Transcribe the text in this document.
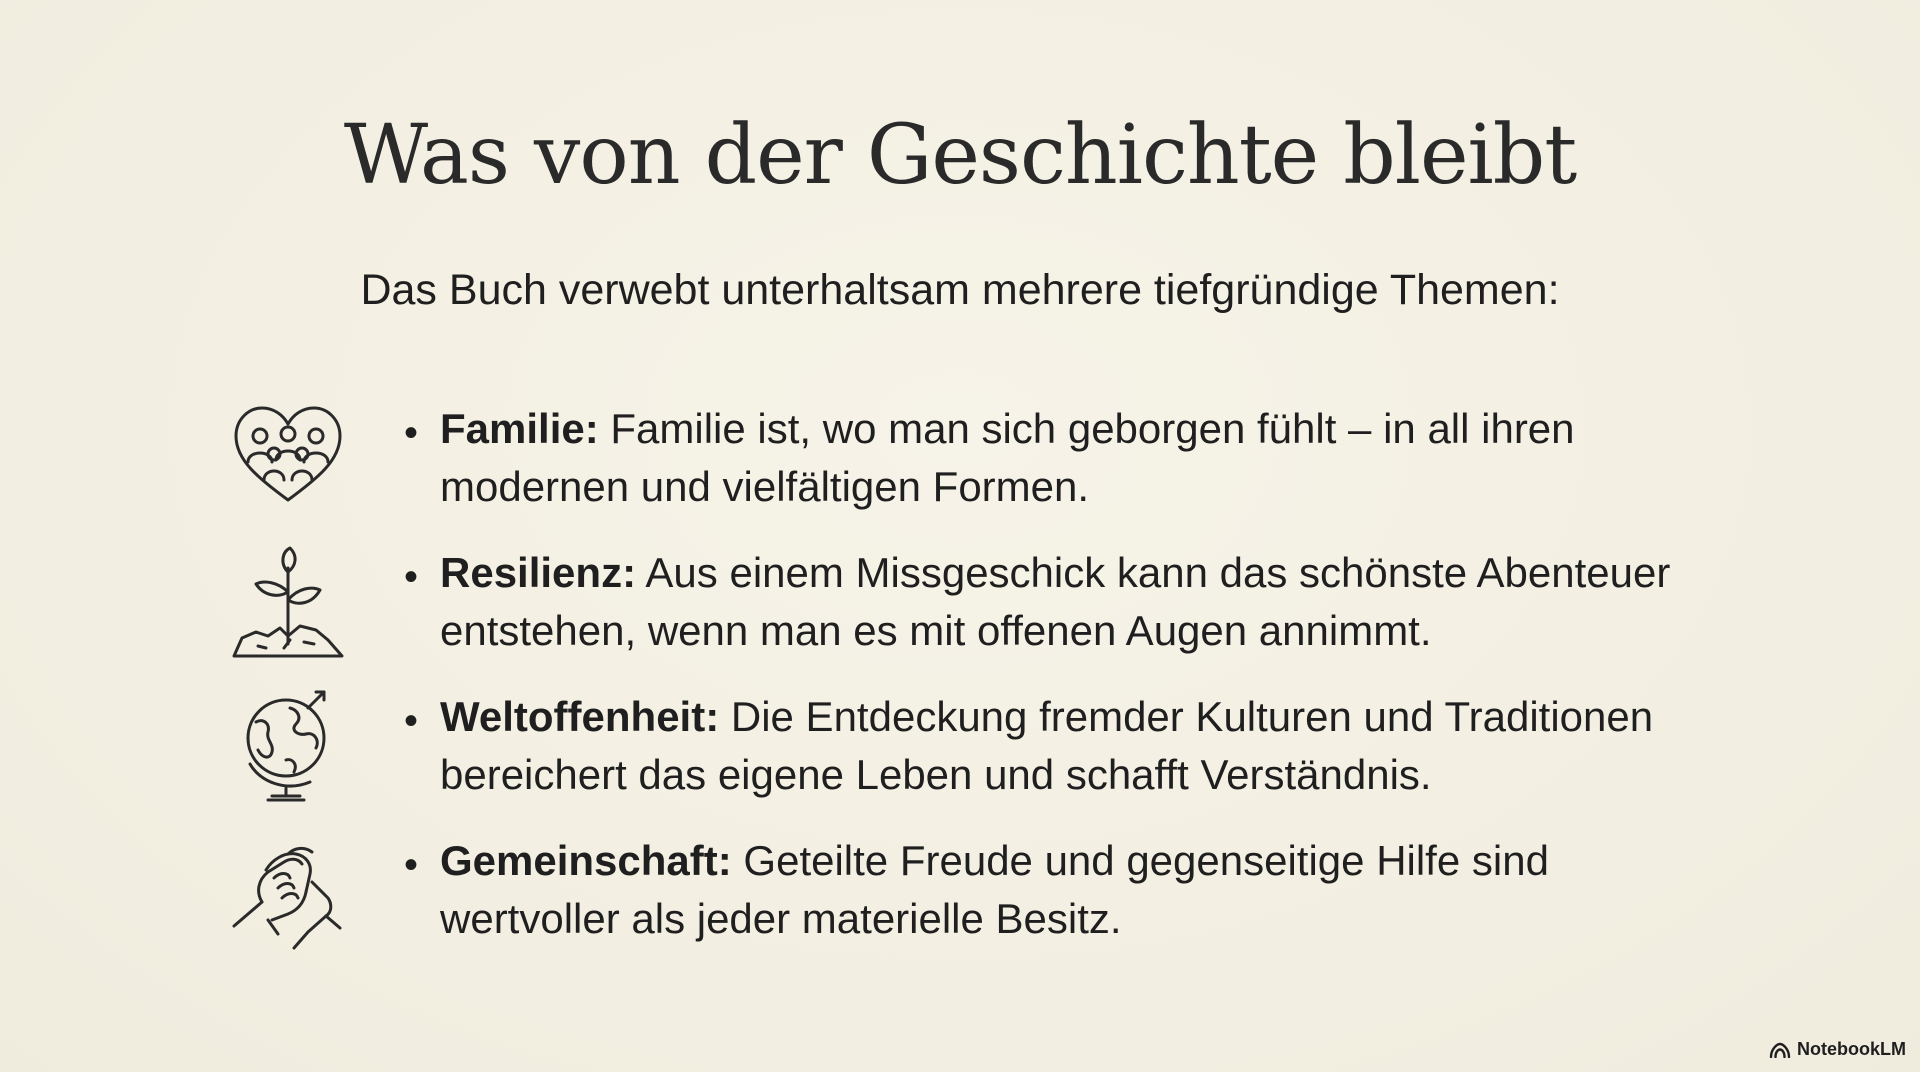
Was von der Geschichte bleibt

Das Buch verwebt unterhaltsam mehrere tiefgründige Themen:

• Familie: Familie ist, wo man sich geborgen fühlt – in all ihren modernen und vielfältigen Formen.
• Resilienz: Aus einem Missgeschick kann das schönste Abenteuer entstehen, wenn man es mit offenen Augen annimmt.
• Weltoffenheit: Die Entdeckung fremder Kulturen und Traditionen bereichert das eigene Leben und schafft Verständnis.
• Gemeinschaft: Geteilte Freude und gegenseitige Hilfe sind wertvoller als jeder materielle Besitz.
NotebookLM
